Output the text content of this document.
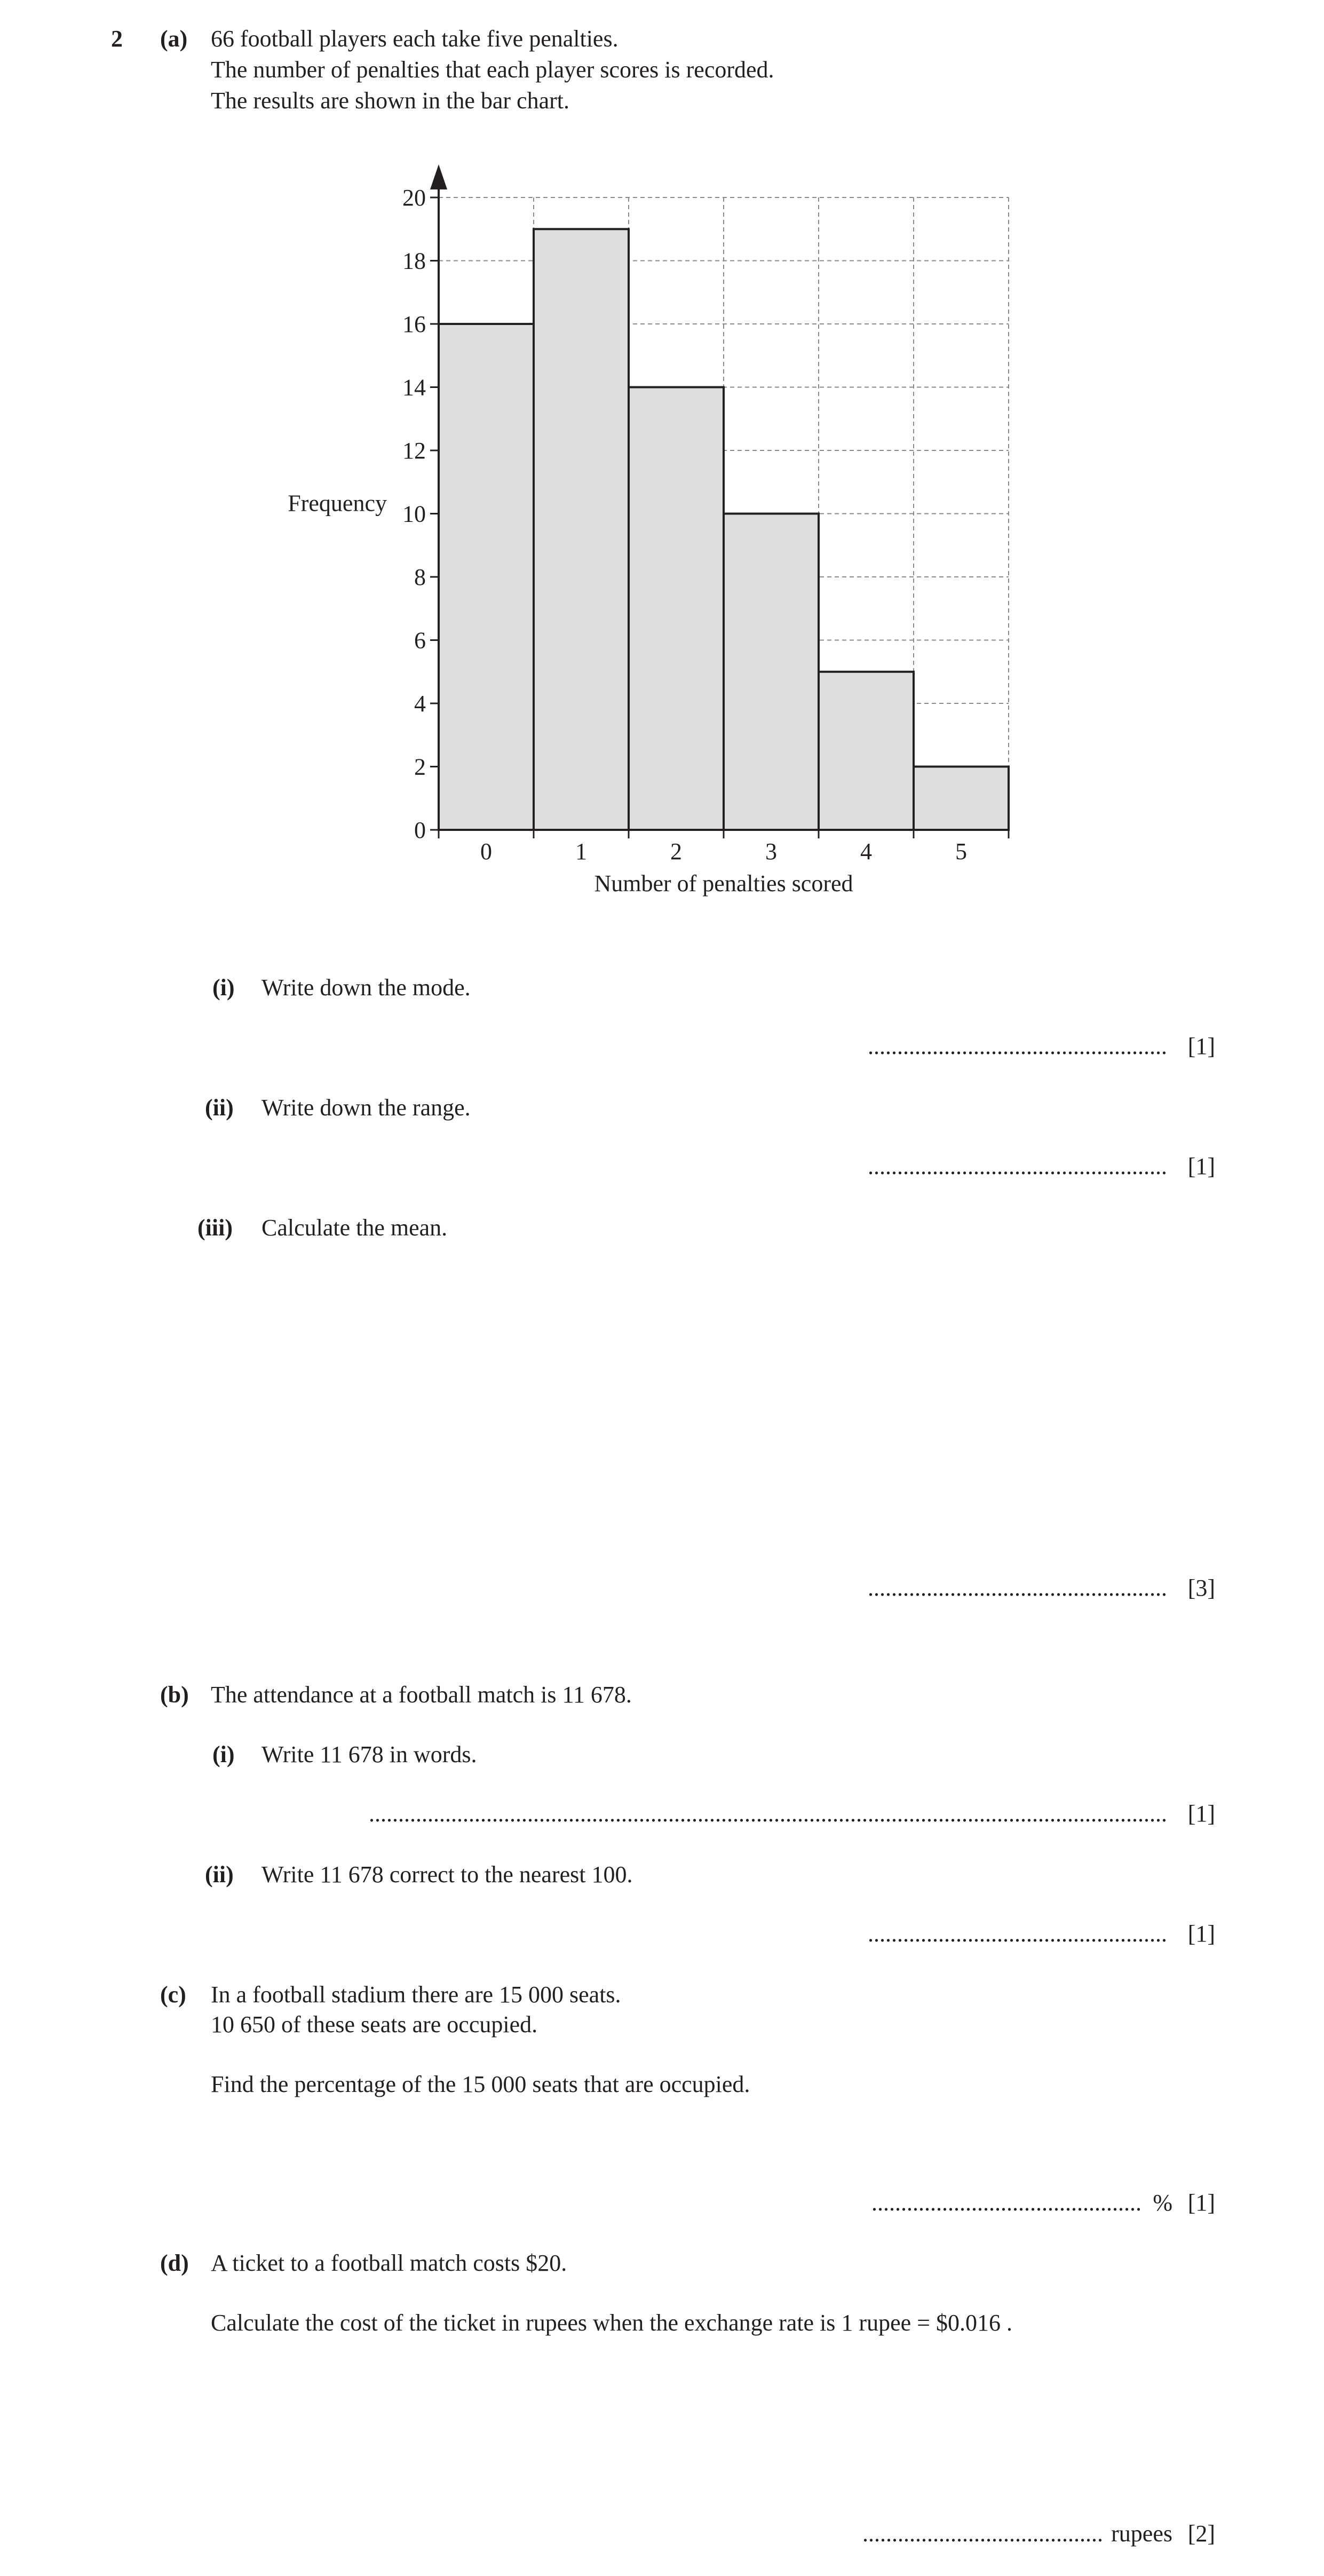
2 (a) 66 football players each take five penalties.
The number of penalties that each player scores is recorded.
The results are shown in the bar chart.
0
2
4
6
8
10
12
14
16
18
20
0	1	2	3	4	5
Number of penalties scored
Frequency
(i) Write down the mode.
................................................... [1]
(ii) Write down the range.
................................................... [1]
(iii) Calculate the mean.
................................................... [3]
(b) The attendance at a football match is 11 678.
(i) Write 11 678 in words.
........................................................................................................................................ [1]
(ii) Write 11 678 correct to the nearest 100.
................................................... [1]
(c) In a football stadium there are 15 000 seats.
10 650 of these seats are occupied.
Find the percentage of the 15 000 seats that are occupied.
.............................................. % [1]
(d) A ticket to a football match costs $20.
Calculate the cost of the ticket in rupees when the exchange rate is 1 rupee = $0.016 .
......................................... rupees [2]
